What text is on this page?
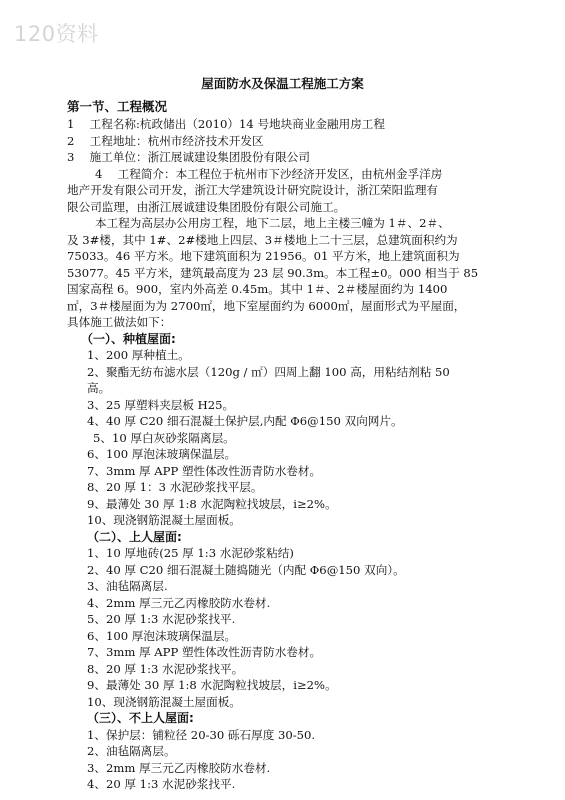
120资料
屋面防水及保温工程施工方案
第一节、工程概况

1　 工程名称:杭政储出（2010）14 号地块商业金融用房工程

2　 工程地址：杭州市经济技术开发区

3　 施工单位：浙江展诚建设集团股份有限公司

4　 工程简介：本工程位于杭州市下沙经济开发区，由杭州金孚洋房

地产开发有限公司开发，浙江大学建筑设计研究院设计，浙江荣阳监理有

限公司监理，由浙江展诚建设集团股份有限公司施工。

本工程为高层办公用房工程，地下二层，地上主楼三幢为 1＃、2＃、

及 3#楼，其中 1#、2#楼地上四层、3＃楼地上二十三层，总建筑面积约为

75033。46 平方米。地下建筑面积为 21956。01 平方米，地上建筑面积为

53077。45 平方米，建筑最高度为 23 层 90.3m。本工程±0。000 相当于 85

国家高程 6。900，室内外高差 0.45m。其中 1＃、2＃楼屋面约为 1400

㎡，3＃楼屋面为为 2700㎡，地下室屋面约为 6000㎡，屋面形式为平屋面，

具体施工做法如下：

（一）、种植屋面:

1、200 厚种植土。

2、聚酯无纺布滤水层（120g / ㎡）四周上翻 100 高，用粘结剂粘 50

高。

3、25 厚塑料夹层板 H25。

4、40 厚 C20 细石混凝土保护层,内配 Φ6@150 双向网片。

5、10 厚白灰砂浆隔离层。

6、100 厚泡沫玻璃保温层。

7、3mm 厚 APP 塑性体改性沥青防水卷材。

8、20 厚 1：3 水泥砂浆找平层。

9、最薄处 30 厚 1:8 水泥陶粒找坡层，i≥2%。

10、现浇钢筋混凝土屋面板。

（二）、上人屋面:

1、10 厚地砖(25 厚 1:3 水泥砂浆粘结)

2、40 厚 C20 细石混凝土随捣随光（内配 Φ6@150 双向）。

3、油毡隔离层.

4、2mm 厚三元乙丙橡胶防水卷材.

5、20 厚 1:3 水泥砂浆找平.

6、100 厚泡沫玻璃保温层。

7、3mm 厚 APP 塑性体改性沥青防水卷材。

8、20 厚 1:3 水泥砂浆找平。

9、最薄处 30 厚 1:8 水泥陶粒找坡层，i≥2%。

10、现浇钢筋混凝土屋面板。

（三）、不上人屋面:

1、保护层：铺粒径 20-30 砾石厚度 30-50.

2、油毡隔离层。

3、2mm 厚三元乙丙橡胶防水卷材.

4、20 厚 1:3 水泥砂浆找平.
